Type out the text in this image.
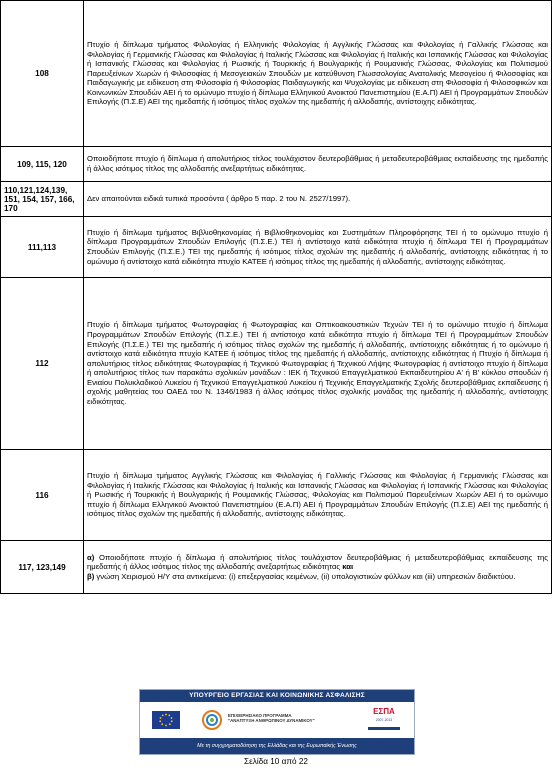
108	Πτυχίο ή δίπλωμα τμήματος Φιλολογίας ή Ελληνικής Φιλολογίας ή Αγγλικής Γλώσσας και Φιλολογίας ή Γαλλικής Γλώσσας και Φιλολογίας ή Γερμανικής Γλώσσας και Φιλολογίας ή Ιταλικής Γλώσσας και Φιλολογίας ή Ιταλικής και Ισπανικής Γλώσσας και Φιλολογίας ή Ισπανικής Γλώσσας και Φιλολογίας ή Ρωσικής ή Τουρκικής ή Βουλγαρικής ή Ρουμανικής Γλώσσας, Φιλολογίας και Πολιτισμού Παρευξείνιων Χωρών ή Φιλοσοφίας ή Μεσογειακών Σπουδών με κατεύθυνση Γλωσσολογίας Ανατολικής Μεσογείου ή Φιλοσοφίας και Παιδαγωγικής με ειδίκευση στη Φιλοσοφία ή Φιλοσοφίας Παιδαγωγικής και Ψυχολογίας με ειδίκευση στη Φιλοσοφία ή Φιλοσοφικών και Κοινωνικών Σπουδών ΑΕΙ ή το ομώνυμο πτυχίο ή δίπλωμα Ελληνικού Ανοικτού Πανεπιστημίου (Ε.Α.Π) ΑΕΙ ή Προγραμμάτων Σπουδών Επιλογής (Π.Σ.Ε) ΑΕΙ της ημεδαπής ή ισότιμος τίτλος σχολών της ημεδαπής ή αλλοδαπής, αντίστοιχης ειδικότητας.
109, 115, 120	Οποιοδήποτε πτυχίο ή δίπλωμα ή απολυτήριος τίτλος τουλάχιστον δευτεροβάθμιας ή μεταδευτεροβάθμιας εκπαίδευσης της ημεδαπής ή άλλος ισότιμος τίτλος της αλλοδαπής ανεξαρτήτως ειδικότητας.
110,121,124,139, 151, 154, 157, 166, 170	Δεν απαιτούνται ειδικά τυπικά προσόντα ( άρθρο 5 παρ. 2 του Ν. 2527/1997).
111,113	Πτυχίο ή δίπλωμα τμήματος Βιβλιοθηκονομίας ή Βιβλιοθηκονομίας και Συστημάτων Πληροφόρησης ΤΕΙ ή το ομώνυμο πτυχίο ή δίπλωμα Προγραμμάτων Σπουδών Επιλογής (Π.Σ.Ε.) ΤΕΙ ή αντίστοιχο κατά ειδικότητα πτυχίο ή δίπλωμα ΤΕΙ ή Προγραμμάτων Σπουδών Επιλογής (Π.Σ.Ε.) ΤΕΙ της ημεδαπής ή ισότιμος τίτλος σχολών της ημεδαπής ή αλλοδαπής, αντίστοιχης ειδικότητας ή το ομώνυμο ή αντίστοιχο κατά ειδικότητα πτυχίο ΚΑΤΕΕ ή ισότιμος τίτλος της ημεδαπής ή αλλοδαπής, αντίστοιχης ειδικότητας.
112	Πτυχίο ή δίπλωμα τμήματος Φωτογραφίας ή Φωτογραφίας και Οπτικοακουστικών Τεχνών ΤΕΙ ή το ομώνυμο πτυχίο ή δίπλωμα Προγραμμάτων Σπουδών Επιλογής (Π.Σ.Ε.) ΤΕΙ ή αντίστοιχο κατά ειδικότητα πτυχίο ή δίπλωμα ΤΕΙ ή Προγραμμάτων Σπουδών Επιλογής (Π.Σ.Ε.) ΤΕΙ της ημεδαπής ή ισότιμος τίτλος σχολών της ημεδαπής ή αλλοδαπής, αντίστοιχης ειδικότητας ή το ομώνυμο ή αντίστοιχο κατά ειδικότητα πτυχίο ΚΑΤΕΕ ή ισότιμος τίτλος της ημεδαπής ή αλλοδαπής, αντίστοιχης ειδικότητας ή Πτυχίο ή δίπλωμα ή απολυτήριος τίτλος ειδικότητας Φωτογραφίας ή Τεχνικού Φωτογραφίας ή Τεχνικού Λήψης Φωτογραφίας ή αντίστοιχο πτυχίο ή δίπλωμα ή απολυτήριος τίτλος των παρακάτω σχολικών μονάδων : ΙΕΚ ή Τεχνικού Επαγγελματικού Εκπαιδευτηρίου Α' ή Β' κύκλου σπουδών ή Ενιαίου Πολυκλαδικού Λυκείου ή Τεχνικού Επαγγελματικού Λυκείου ή Τεχνικής Επαγγελματικής Σχολής δευτεροβάθμιας εκπαίδευσης ή σχολής μαθητείας του ΟΑΕΔ του Ν. 1346/1983 ή άλλος ισότιμος τίτλος σχολικής μονάδας της ημεδαπής ή αλλοδαπής, αντίστοιχης ειδικότητας.
116	Πτυχίο ή δίπλωμα τμήματος Αγγλικής Γλώσσας και Φιλολογίας ή Γαλλικής Γλώσσας και Φιλολογίας ή Γερμανικής Γλώσσας και Φιλολογίας ή Ιταλικής Γλώσσας και Φιλολογίας ή Ιταλικής και Ισπανικής Γλώσσας και Φιλολογίας ή Ισπανικής Γλώσσας και Φιλολογίας ή Ρωσικής ή Τουρκικής ή Βουλγαρικής ή Ρουμανικής Γλώσσας, Φιλολογίας και Πολιτισμού Παρευξείνιων Χωρών ΑΕΙ ή το ομώνυμο πτυχίο ή δίπλωμα Ελληνικού Ανοικτού Πανεπιστημίου (Ε.Α.Π) ΑΕΙ ή Προγραμμάτων Σπουδών Επιλογής (Π.Σ.Ε) ΑΕΙ της ημεδαπής ή ισότιμος τίτλος σχολών της ημεδαπής ή αλλοδαπής, αντίστοιχης ειδικότητας.
117, 123,149	α) Οποιοδήποτε πτυχίο ή δίπλωμα ή απολυτήριος τίτλος τουλάχιστον δευτεροβάθμιας ή μεταδευτεροβάθμιας εκπαίδευσης της ημεδαπής ή άλλος ισότιμος τίτλος της αλλοδαπής ανεξαρτήτως ειδικότητας και
β) γνώση Χειρισμού Η/Υ στα αντικείμενα: (i) επεξεργασίας κειμένων, (ii) υπολογιστικών φύλλων και (iii) υπηρεσιών διαδικτύου.
ΥΠΟΥΡΓΕΙΟ ΕΡΓΑΣΙΑΣ ΚΑΙ ΚΟΙΝΩΝΙΚΗΣ ΑΣΦΑΛΙΣΗΣ
ΕΠΙΧΕΙΡΗΣΙΑΚΟ ΠΡΟΓΡΑΜΜΑ
"ΑΝΑΠΤΥΞΗ ΑΝΘΡΩΠΙΝΟΥ ΔΥΝΑΜΙΚΟΥ"
ΕΣΠΑ
2007-2013
Με τη συγχρηματοδότηση της Ελλάδας και της Ευρωπαϊκής Ένωσης
Σελίδα 10 από 22
